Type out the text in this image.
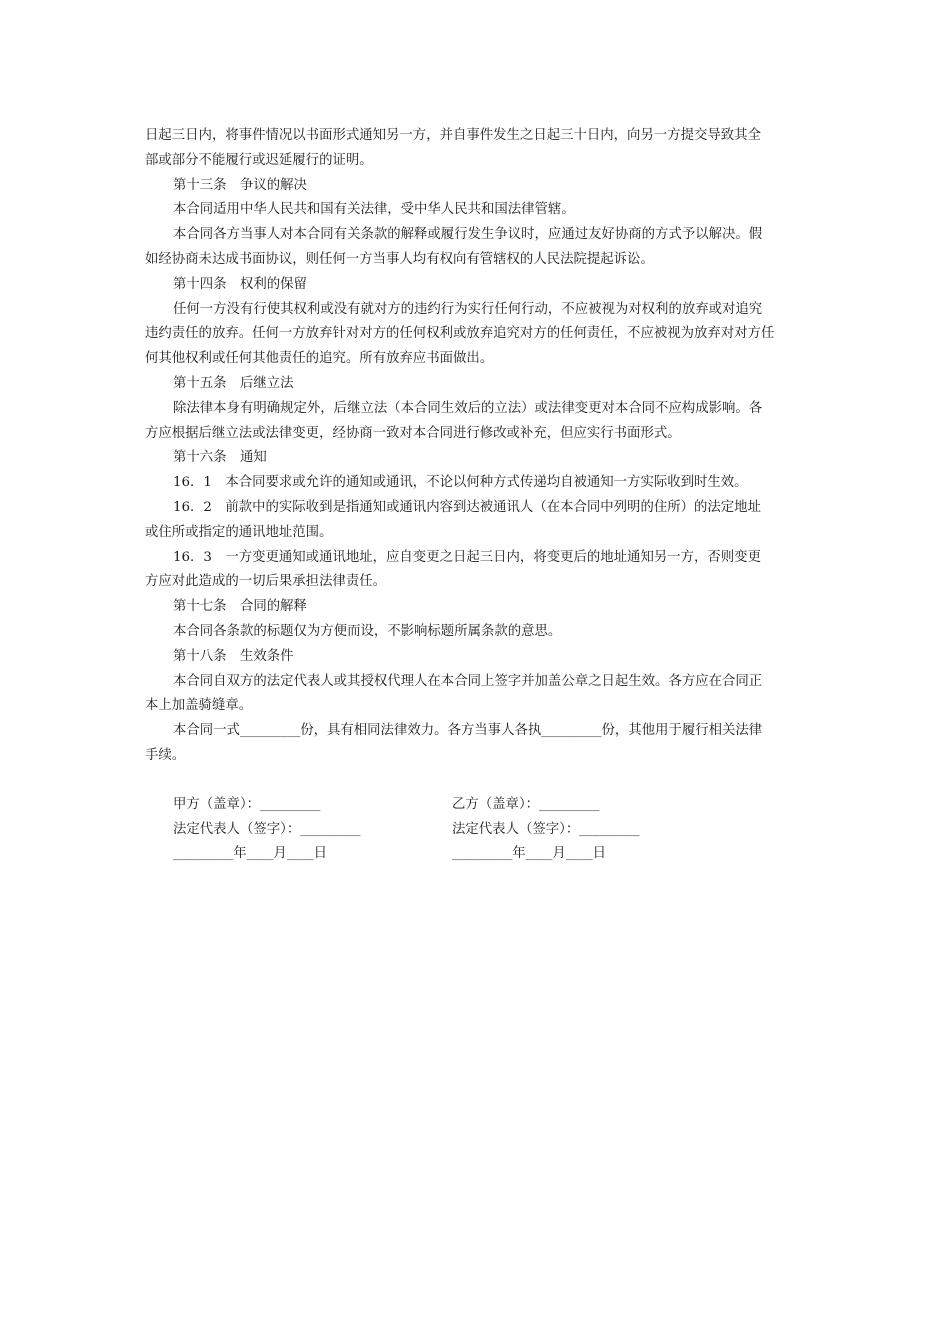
日起三日内，将事件情况以书面形式通知另一方，并自事件发生之日起三十日内，向另一方提交导致其全
部或部分不能履行或迟延履行的证明。
第十三条　争议的解决
本合同适用中华人民共和国有关法律，受中华人民共和国法律管辖。
本合同各方当事人对本合同有关条款的解释或履行发生争议时，应通过友好协商的方式予以解决。假
如经协商未达成书面协议，则任何一方当事人均有权向有管辖权的人民法院提起诉讼。
第十四条　权利的保留
任何一方没有行使其权利或没有就对方的违约行为实行任何行动，不应被视为对权利的放弃或对追究
违约责任的放弃。任何一方放弃针对对方的任何权利或放弃追究对方的任何责任，不应被视为放弃对对方任
何其他权利或任何其他责任的追究。所有放弃应书面做出。
第十五条　后继立法
除法律本身有明确规定外，后继立法（本合同生效后的立法）或法律变更对本合同不应构成影响。各
方应根据后继立法或法律变更，经协商一致对本合同进行修改或补充，但应实行书面形式。
第十六条　通知
16．1　本合同要求或允许的通知或通讯，不论以何种方式传递均自被通知一方实际收到时生效。
16．2　前款中的实际收到是指通知或通讯内容到达被通讯人（在本合同中列明的住所）的法定地址
或住所或指定的通讯地址范围。
16．3　一方变更通知或通讯地址，应自变更之日起三日内，将变更后的地址通知另一方，否则变更
方应对此造成的一切后果承担法律责任。
第十七条　合同的解释
本合同各条款的标题仅为方便而设，不影响标题所属条款的意思。
第十八条　生效条件
本合同自双方的法定代表人或其授权代理人在本合同上签字并加盖公章之日起生效。各方应在合同正
本上加盖骑缝章。
本合同一式_________份，具有相同法律效力。各方当事人各执_________份，其他用于履行相关法律
手续。
甲方（盖章）：_________	乙方（盖章）：_________
法定代表人（签字）：_________	法定代表人（签字）：_________
_________年____月____日	_________年____月____日
